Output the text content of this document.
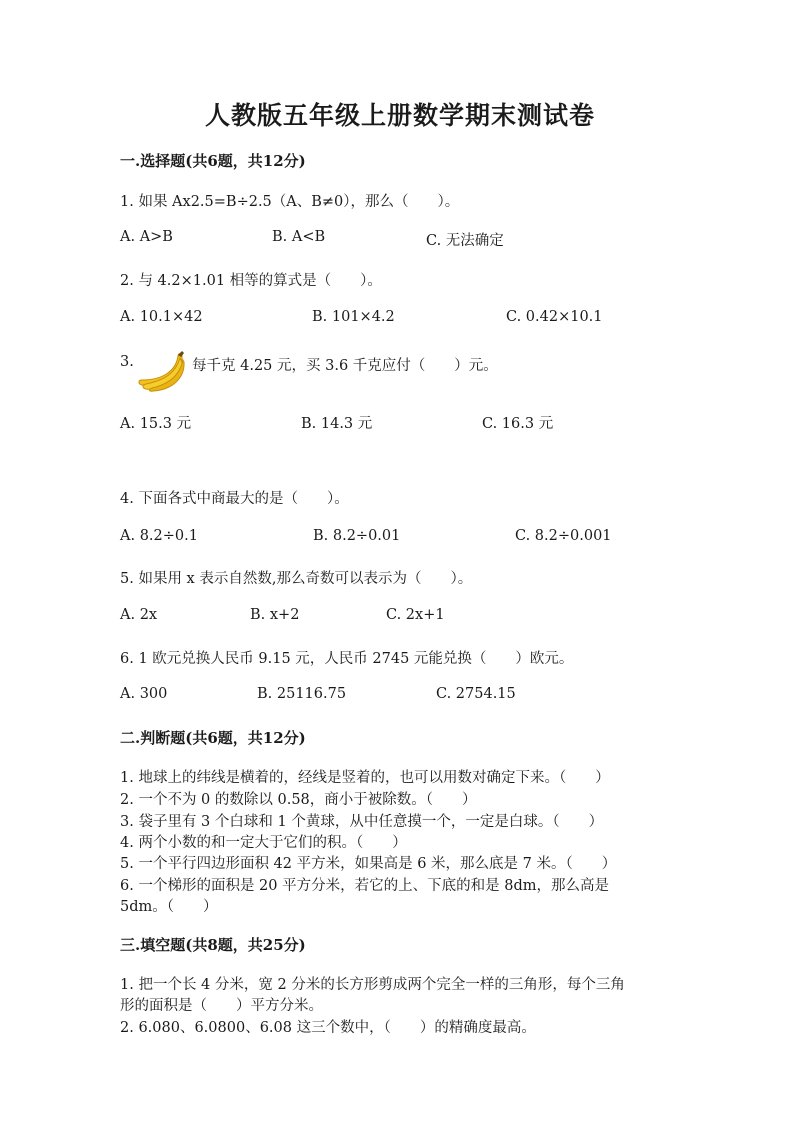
人教版五年级上册数学期末测试卷
一.选择题(共6题，共12分)
1. 如果 Ax2.5=B÷2.5（A、B≠0），那么（　　）。
A. A>B	B. A<B	C. 无法确定
2. 与 4.2×1.01 相等的算式是（　　）。
A. 10.1×42	B. 101×4.2	C. 0.42×10.1
3.	每千克 4.25 元，买 3.6 千克应付（　　）元。
A. 15.3 元	B. 14.3 元	C. 16.3 元
4. 下面各式中商最大的是（　　）。
A. 8.2÷0.1	B. 8.2÷0.01	C. 8.2÷0.001
5. 如果用 x 表示自然数,那么奇数可以表示为（　　）。
A. 2x	B. x+2	C. 2x+1
6. 1 欧元兑换人民币 9.15 元，人民币 2745 元能兑换（　　）欧元。
A. 300	B. 25116.75	C. 2754.15
二.判断题(共6题，共12分)
1. 地球上的纬线是横着的，经线是竖着的，也可以用数对确定下来。（　　）
2. 一个不为 0 的数除以 0.58，商小于被除数。（　　）
3. 袋子里有 3 个白球和 1 个黄球，从中任意摸一个，一定是白球。（　　）
4. 两个小数的和一定大于它们的积。（　　）
5. 一个平行四边形面积 42 平方米，如果高是 6 米，那么底是 7 米。（　　）
6. 一个梯形的面积是 20 平方分米，若它的上、下底的和是 8dm，那么高是
5dm。（　　）
三.填空题(共8题，共25分)
1. 把一个长 4 分米，宽 2 分米的长方形剪成两个完全一样的三角形，每个三角
形的面积是（　　）平方分米。
2. 6.080、6.0800、6.08 这三个数中，（　　）的精确度最高。
